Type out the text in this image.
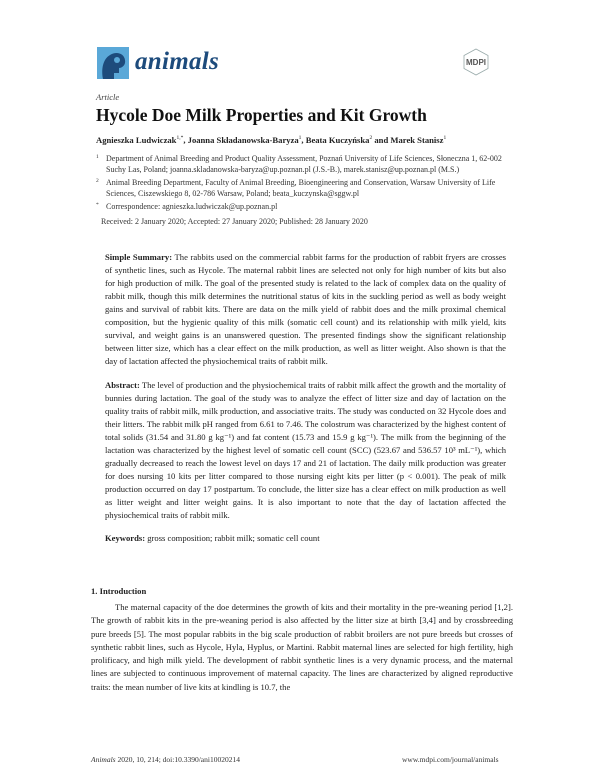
animals	MDPI
Article
Hycole Doe Milk Properties and Kit Growth
Agnieszka Ludwiczak$^{1,*}$, Joanna Składanowska-Baryza$^1$, Beata Kuczyńska$^2$ and Marek Stanisz$^1$
1 Department of Animal Breeding and Product Quality Assessment, Poznań University of Life Sciences, Słoneczna 1, 62-002 Suchy Las, Poland; joanna.skladanowska-baryza@up.poznan.pl (J.S.-B.), marek.stanisz@up.poznan.pl (M.S.)
2 Animal Breeding Department, Faculty of Animal Breeding, Bioengineering and Conservation, Warsaw University of Life Sciences, Ciszewskiego 8, 02-786 Warsaw, Poland; beata_kuczynska@sggw.pl
* Correspondence: agnieszka.ludwiczak@up.poznan.pl
Received: 2 January 2020; Accepted: 27 January 2020; Published: 28 January 2020
Simple Summary: The rabbits used on the commercial rabbit farms for the production of rabbit fryers are crosses of synthetic lines, such as Hycole. The maternal rabbit lines are selected not only for high number of kits but also for high production of milk. The goal of the presented study is related to the lack of complex data on the quality of rabbit milk, though this milk determines the nutritional status of kits in the suckling period as well as body weight gains and survival of rabbit kits. There are data on the milk yield of rabbit does and the milk proximal chemical composition, but the hygienic quality of this milk (somatic cell count) and its relationship with milk yield, kits survival, and weight gains is an unanswered question. The presented findings show the significant relationship between litter size, which has a clear effect on the milk production, as well as litter weight. Also shown is that the day of lactation affected the physiochemical traits of rabbit milk.
Abstract: The level of production and the physiochemical traits of rabbit milk affect the growth and the mortality of bunnies during lactation. The goal of the study was to analyze the effect of litter size and day of lactation on the quality traits of rabbit milk, milk production, and associative traits. The study was conducted on 32 Hycole does and their litters. The rabbit milk pH ranged from 6.61 to 7.46. The colostrum was characterized by the highest content of total solids (31.54 and 31.80 g kg⁻¹) and fat content (15.73 and 15.9 g kg⁻¹). The milk from the beginning of the lactation was characterized by the highest level of somatic cell count (SCC) (523.67 and 536.57 10³ mL⁻¹), which gradually decreased to reach the lowest level on days 17 and 21 of lactation. The daily milk production was greater for does nursing 10 kits per litter compared to those nursing eight kits per litter (p < 0.001). The peak of milk production occurred on day 17 postpartum. To conclude, the litter size has a clear effect on milk production as well as litter weight and litter weight gains. It is also important to note that the day of lactation affected the physiochemical traits of rabbit milk.
Keywords: gross composition; rabbit milk; somatic cell count
1. Introduction
The maternal capacity of the doe determines the growth of kits and their mortality in the pre-weaning period [1,2]. The growth of rabbit kits in the pre-weaning period is also affected by the litter size at birth [3,4] and by crossbreeding pure breeds [5]. The most popular rabbits in the big scale production of rabbit broilers are not pure breeds but crosses of synthetic rabbit lines, such as Hycole, Hyla, Hyplus, or Martini. Rabbit maternal lines are selected for high fertility, high prolificacy, and high milk yield. The development of rabbit synthetic lines is a very dynamic process, and the maternal lines are subjected to continuous improvement of maternal capacity. The lines are characterized by aligned reproductive traits: the mean number of live kits at kindling is 10.7, the
Animals 2020, 10, 214; doi:10.3390/ani10020214	www.mdpi.com/journal/animals
